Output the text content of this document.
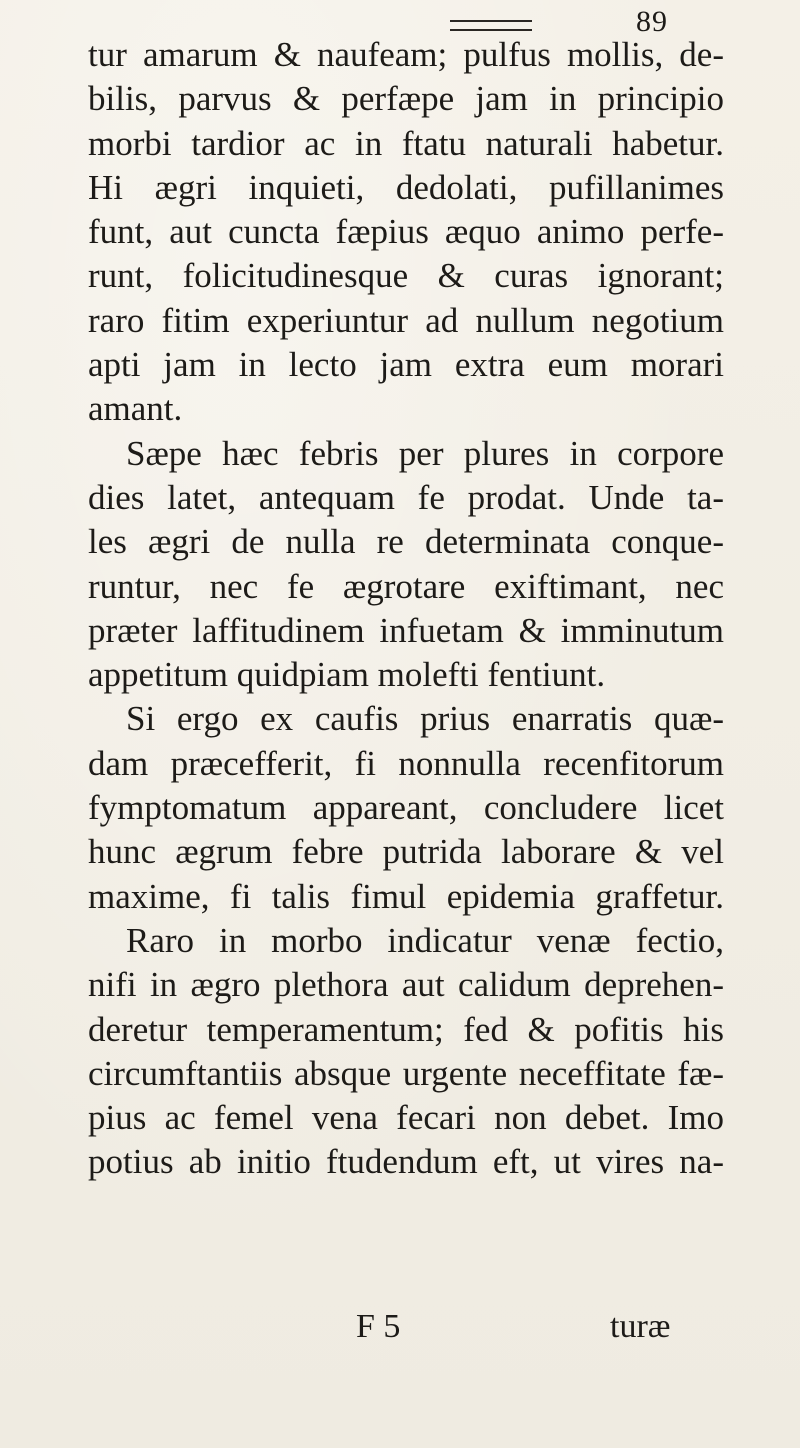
89
tur amarum & naufeam; pulfus mollis, de-
bilis, parvus & perfæpe jam in principio
morbi tardior ac in ftatu naturali habetur.
Hi ægri inquieti, dedolati, pufillanimes
funt, aut cuncta fæpius æquo animo perfe-
runt, folicitudinesque & curas ignorant;
raro fitim experiuntur ad nullum negotium
apti jam in lecto jam extra eum morari
amant.
Sæpe hæc febris per plures in corpore
dies latet, antequam fe prodat. Unde ta-
les ægri de nulla re determinata conque-
runtur, nec fe ægrotare exiftimant, nec
præter laffitudinem infuetam & imminutum
appetitum quidpiam molefti fentiunt.
Si ergo ex caufis prius enarratis quæ-
dam præcefferit, fi nonnulla recenfitorum
fymptomatum appareant, concludere licet
hunc ægrum febre putrida laborare & vel
maxime, fi talis fimul epidemia graffetur.
Raro in morbo indicatur venæ fectio,
nifi in ægro plethora aut calidum deprehen-
deretur temperamentum; fed & pofitis his
circumftantiis absque urgente neceffitate fæ-
pius ac femel vena fecari non debet. Imo
potius ab initio ftudendum eft, ut vires na-
F 5	turæ
